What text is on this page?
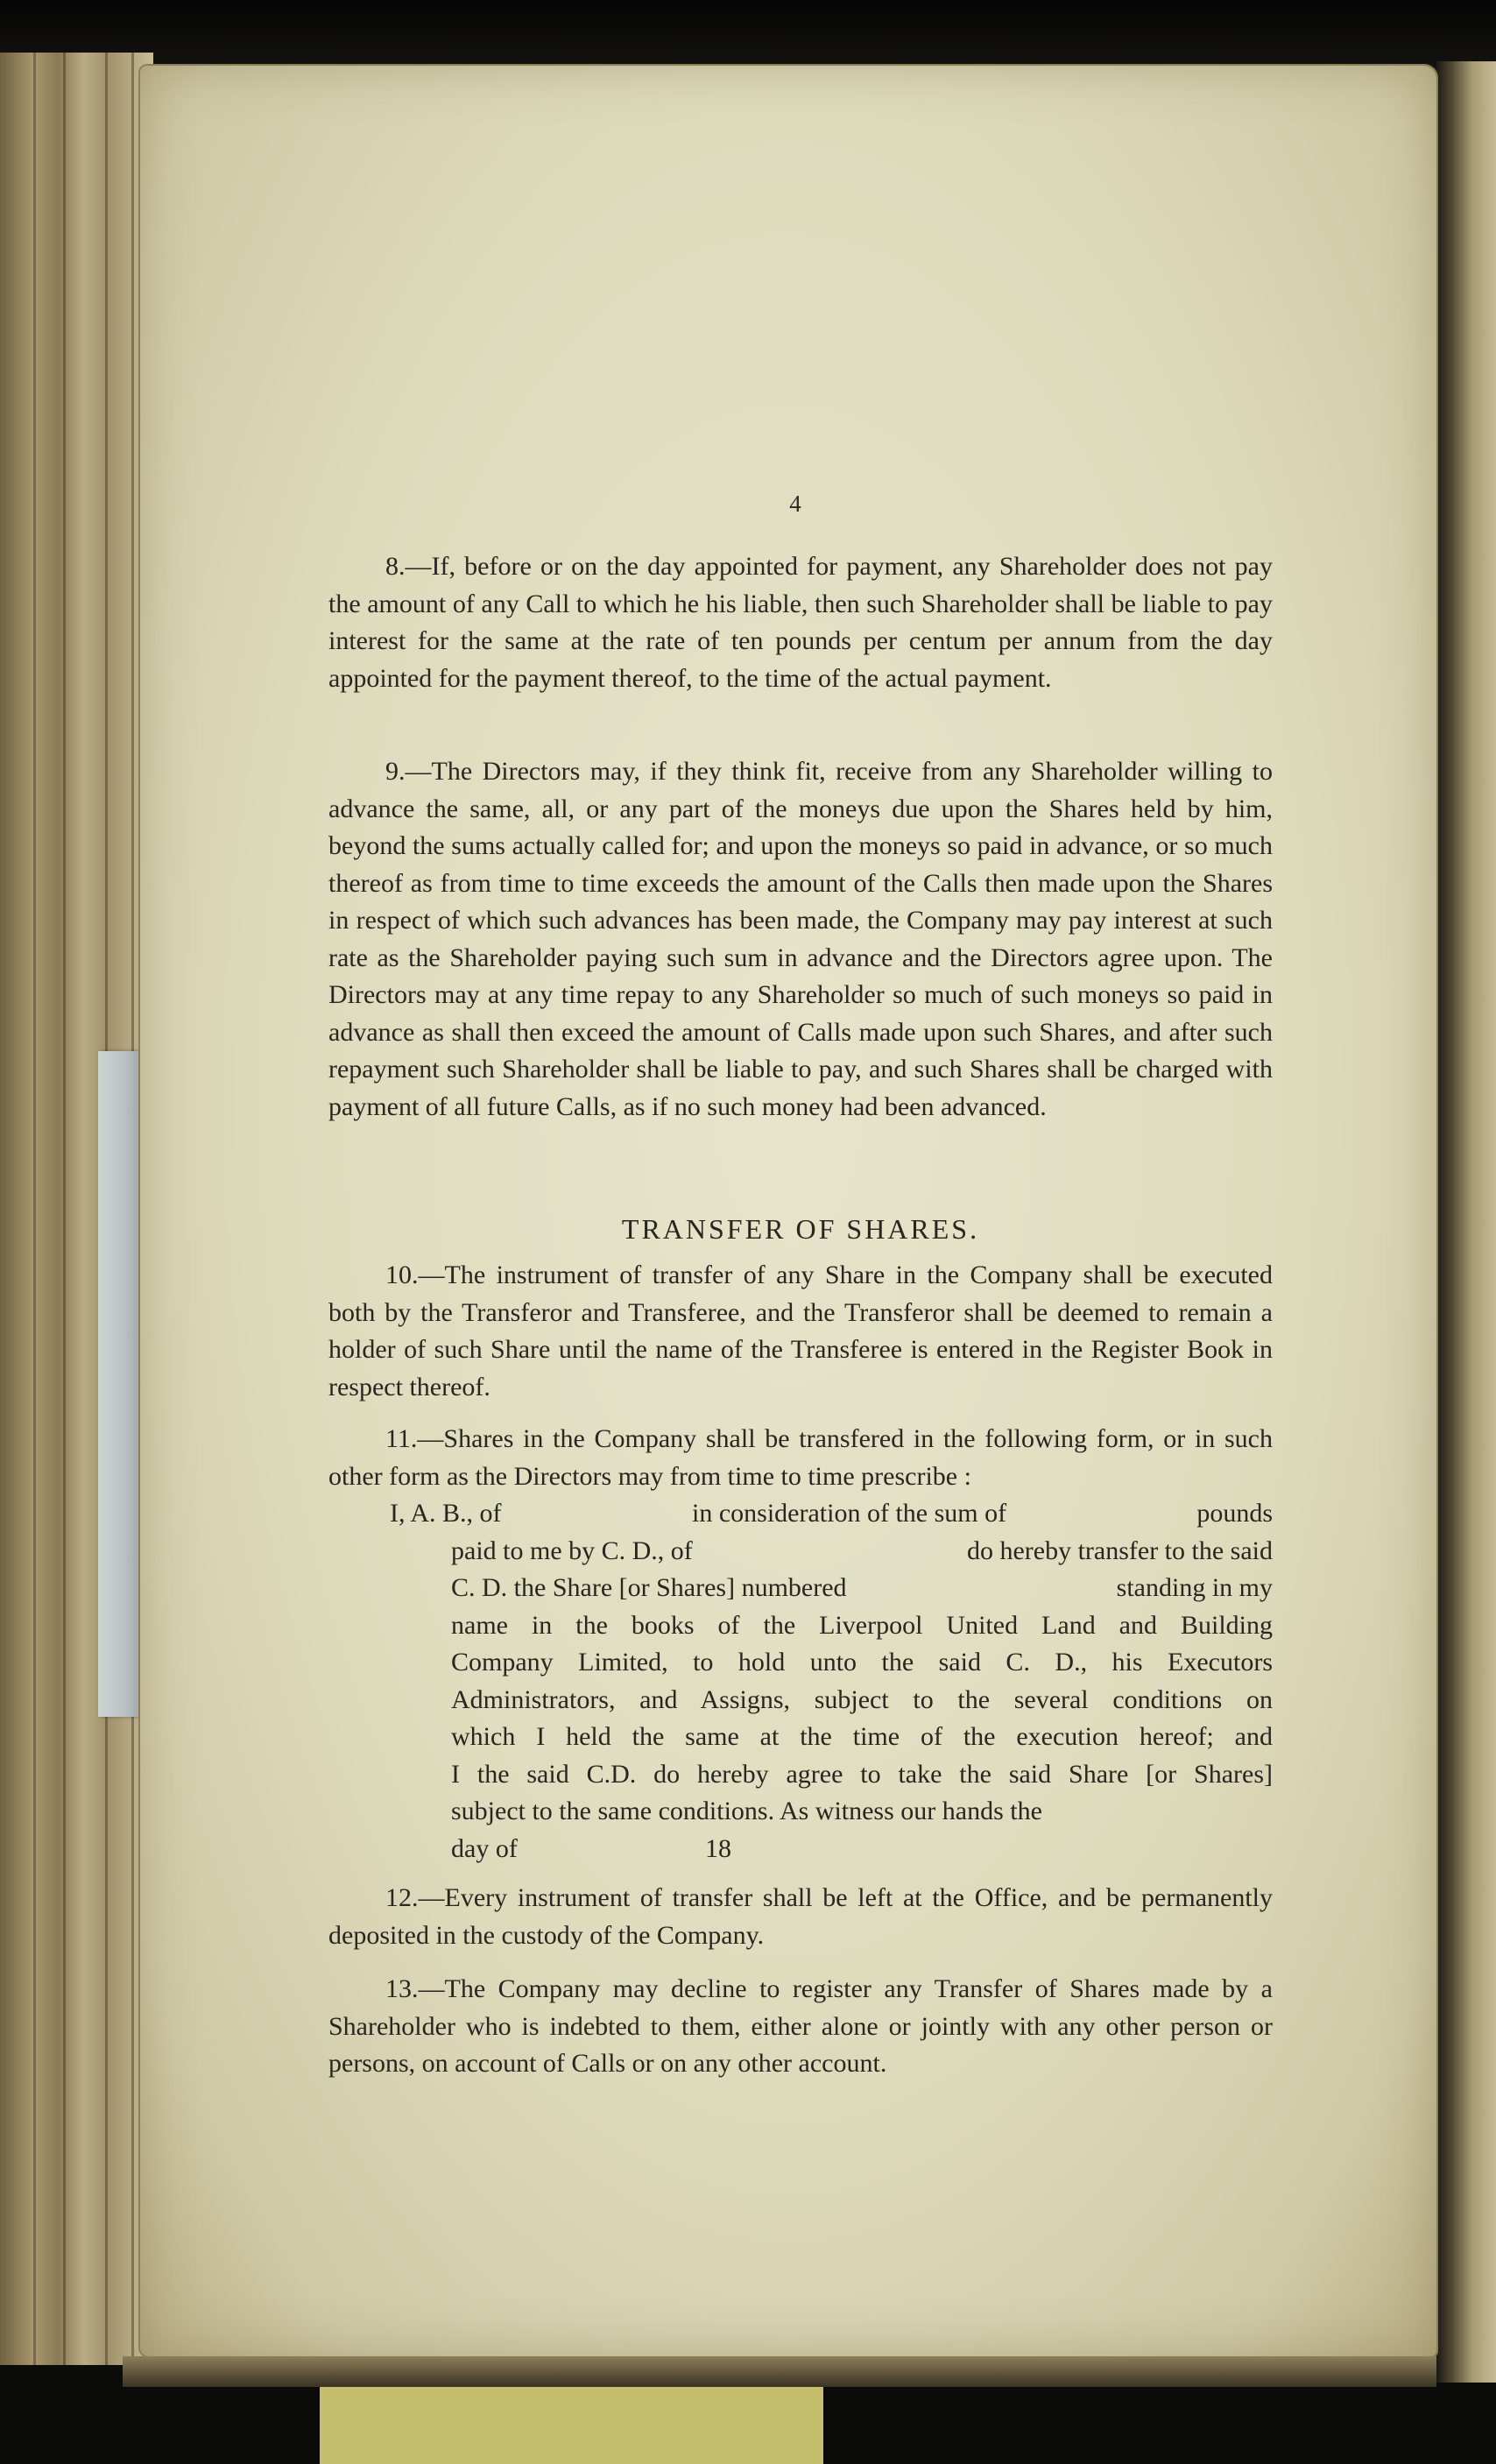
4
8.—If, before or on the day appointed for payment, any Shareholder does not pay the amount of any Call to which he his liable, then such Shareholder shall be liable to pay interest for the same at the rate of ten pounds per centum per annum from the day appointed for the payment thereof, to the time of the actual payment.
9.—The Directors may, if they think fit, receive from any Shareholder willing to advance the same, all, or any part of the moneys due upon the Shares held by him, beyond the sums actually called for; and upon the moneys so paid in advance, or so much thereof as from time to time exceeds the amount of the Calls then made upon the Shares in respect of which such advances has been made, the Company may pay interest at such rate as the Shareholder paying such sum in advance and the Directors agree upon. The Directors may at any time repay to any Shareholder so much of such moneys so paid in advance as shall then exceed the amount of Calls made upon such Shares, and after such repayment such Shareholder shall be liable to pay, and such Shares shall be charged with payment of all future Calls, as if no such money had been advanced.
TRANSFER OF SHARES.
10.—The instrument of transfer of any Share in the Company shall be executed both by the Transferor and Transferee, and the Transferor shall be deemed to remain a holder of such Share until the name of the Transferee is entered in the Register Book in respect thereof.
11.—Shares in the Company shall be transfered in the following form, or in such other form as the Directors may from time to time prescribe :
I, A. B., of	in consideration of the sum of	pounds
paid to me by C. D., of	do hereby transfer to the said
C. D. the Share [or Shares] numbered	standing in my
name in the books of the Liverpool United Land and Building
Company Limited, to hold unto the said C. D., his Executors
Administrators, and Assigns, subject to the several conditions on
which I held the same at the time of the execution hereof; and
I the said C.D. do hereby agree to take the said Share [or Shares]
subject to the same conditions. As witness our hands the
day of	18
12.—Every instrument of transfer shall be left at the Office, and be permanently deposited in the custody of the Company.
13.—The Company may decline to register any Transfer of Shares made by a Shareholder who is indebted to them, either alone or jointly with any other person or persons, on account of Calls or on any other account.
